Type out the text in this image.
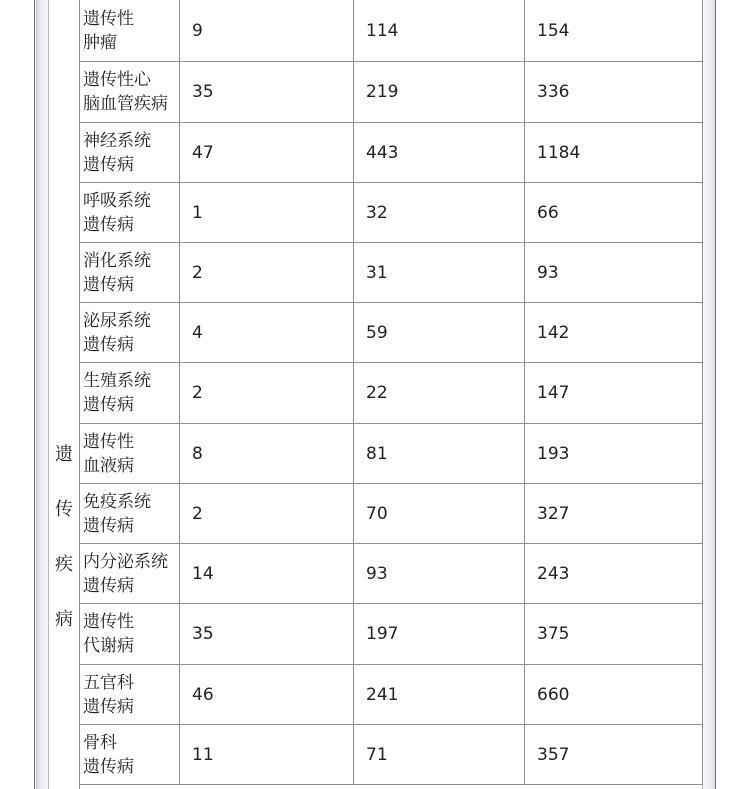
遗
传
疾
病
遗传性
肿瘤	9	114	154

遗传性心
脑血管疾病	35	219	336

神经系统
遗传病	47	443	1184

呼吸系统
遗传病	1	32	66

消化系统
遗传病	2	31	93

泌尿系统
遗传病	4	59	142

生殖系统
遗传病	2	22	147

遗传性
血液病	8	81	193

免疫系统
遗传病	2	70	327

内分泌系统
遗传病	14	93	243

遗传性
代谢病	35	197	375

五官科
遗传病	46	241	660

骨科
遗传病	11	71	357
